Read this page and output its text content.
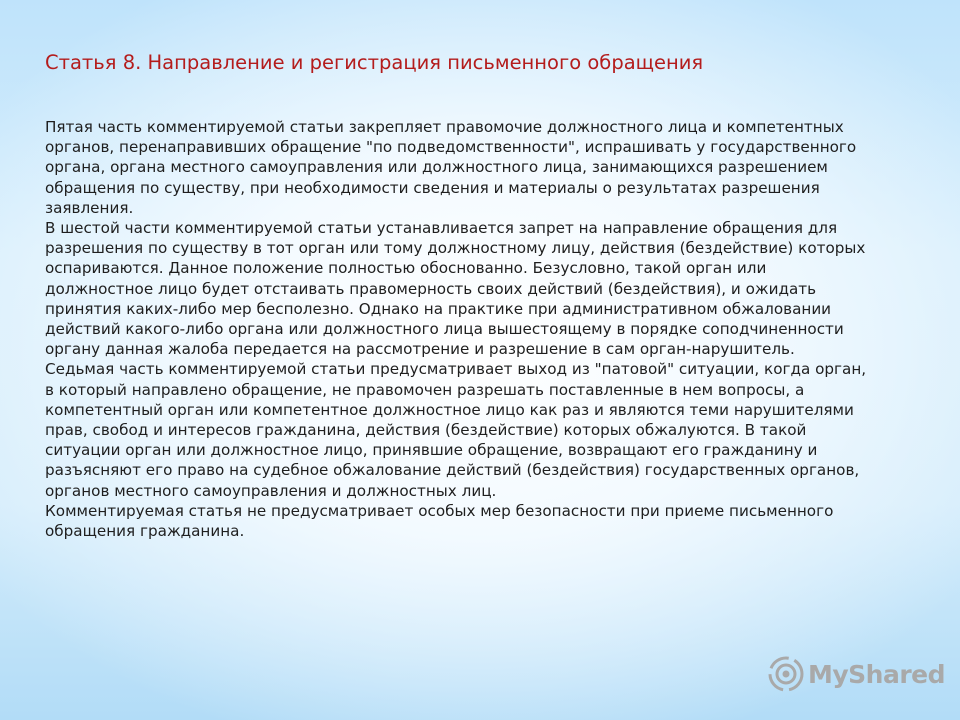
Статья 8. Направление и регистрация письменного обращения
Пятая часть комментируемой статьи закрепляет правомочие должностного лица и компетентных
органов, перенаправивших обращение "по подведомственности", испрашивать у государственного
органа, органа местного самоуправления или должностного лица, занимающихся разрешением
обращения по существу, при необходимости сведения и материалы о результатах разрешения
заявления.
В шестой части комментируемой статьи устанавливается запрет на направление обращения для
разрешения по существу в тот орган или тому должностному лицу, действия (бездействие) которых
оспариваются. Данное положение полностью обоснованно. Безусловно, такой орган или
должностное лицо будет отстаивать правомерность своих действий (бездействия), и ожидать
принятия каких-либо мер бесполезно. Однако на практике при административном обжаловании
действий какого-либо органа или должностного лица вышестоящему в порядке соподчиненности
органу данная жалоба передается на рассмотрение и разрешение в сам орган-нарушитель.
Седьмая часть комментируемой статьи предусматривает выход из "патовой" ситуации, когда орган,
в который направлено обращение, не правомочен разрешать поставленные в нем вопросы, а
компетентный орган или компетентное должностное лицо как раз и являются теми нарушителями
прав, свобод и интересов гражданина, действия (бездействие) которых обжалуются. В такой
ситуации орган или должностное лицо, принявшие обращение, возвращают его гражданину и
разъясняют его право на судебное обжалование действий (бездействия) государственных органов,
органов местного самоуправления и должностных лиц.
Комментируемая статья не предусматривает особых мер безопасности при приеме письменного
обращения гражданина.
MyShared
